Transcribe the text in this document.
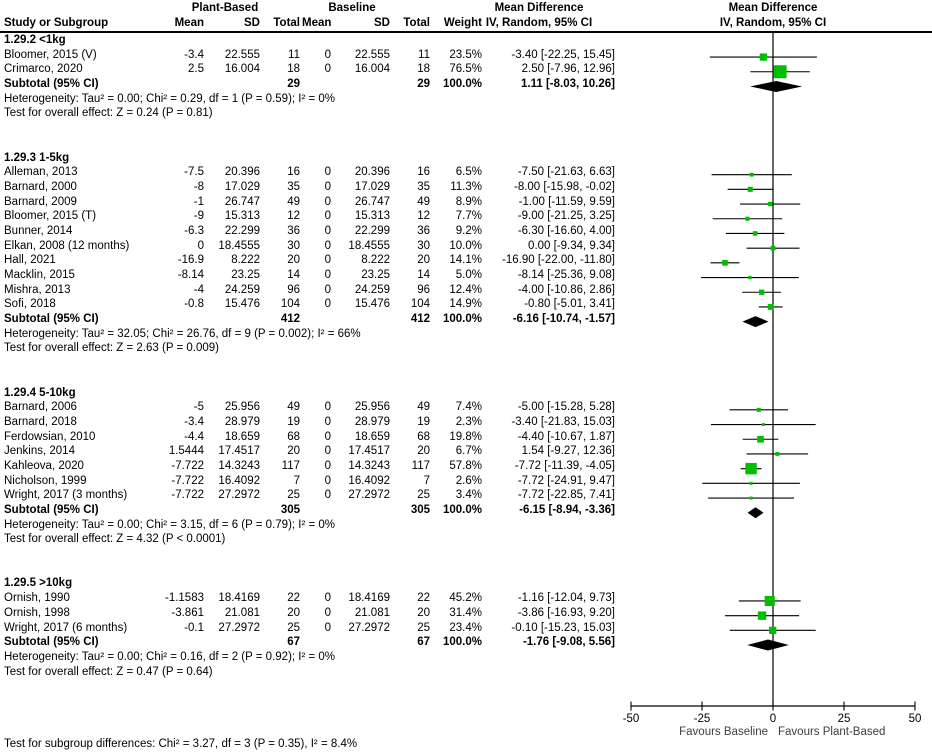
Plant-Based	Baseline	Mean Difference	Mean Difference
Study or Subgroup	Mean	SD	Total Mean	SD	Total	Weight IV, Random, 95% CI	IV, Random, 95% CI
1.29.2 <1kg
Bloomer, 2015 (V)	-3.4	22.555	11	0	22.555	11	23.5%	-3.40 [-22.25, 15.45]
Crimarco, 2020	2.5	16.004	18	0	16.004	18	76.5%	2.50 [-7.96, 12.96]
Subtotal (95% CI)	29	29	100.0%	1.11 [-8.03, 10.26]
Heterogeneity: Tau² = 0.00; Chi² = 0.29, df = 1 (P = 0.59); I² = 0%
Test for overall effect: Z = 0.24 (P = 0.81)
1.29.3 1-5kg
Alleman, 2013	-7.5	20.396	16	0	20.396	16	6.5%	-7.50 [-21.63, 6.63]
Barnard, 2000	-8	17.029	35	0	17.029	35	11.3%	-8.00 [-15.98, -0.02]
Barnard, 2009	-1	26.747	49	0	26.747	49	8.9%	-1.00 [-11.59, 9.59]
Bloomer, 2015 (T)	-9	15.313	12	0	15.313	12	7.7%	-9.00 [-21.25, 3.25]
Bunner, 2014	-6.3	22.299	36	0	22.299	36	9.2%	-6.30 [-16.60, 4.00]
Elkan, 2008 (12 months)	0	18.4555	30	0	18.4555	30	10.0%	0.00 [-9.34, 9.34]
Hall, 2021	-16.9	8.222	20	0	8.222	20	14.1%	-16.90 [-22.00, -11.80]
Macklin, 2015	-8.14	23.25	14	0	23.25	14	5.0%	-8.14 [-25.36, 9.08]
Mishra, 2013	-4	24.259	96	0	24.259	96	12.4%	-4.00 [-10.86, 2.86]
Sofi, 2018	-0.8	15.476	104	0	15.476	104	14.9%	-0.80 [-5.01, 3.41]
Subtotal (95% CI)	412	412	100.0%	-6.16 [-10.74, -1.57]
Heterogeneity: Tau² = 32.05; Chi² = 26.76, df = 9 (P = 0.002); I² = 66%
Test for overall effect: Z = 2.63 (P = 0.009)
1.29.4 5-10kg
Barnard, 2006	-5	25.956	49	0	25.956	49	7.4%	-5.00 [-15.28, 5.28]
Barnard, 2018	-3.4	28.979	19	0	28.979	19	2.3%	-3.40 [-21.83, 15.03]
Ferdowsian, 2010	-4.4	18.659	68	0	18.659	68	19.8%	-4.40 [-10.67, 1.87]
Jenkins, 2014	1.5444	17.4517	20	0	17.4517	20	6.7%	1.54 [-9.27, 12.36]
Kahleova, 2020	-7.722	14.3243	117	0	14.3243	117	57.8%	-7.72 [-11.39, -4.05]
Nicholson, 1999	-7.722	16.4092	7	0	16.4092	7	2.6%	-7.72 [-24.91, 9.47]
Wright, 2017 (3 months)	-7.722	27.2972	25	0	27.2972	25	3.4%	-7.72 [-22.85, 7.41]
Subtotal (95% CI)	305	305	100.0%	-6.15 [-8.94, -3.36]
Heterogeneity: Tau² = 0.00; Chi² = 3.15, df = 6 (P = 0.79); I² = 0%
Test for overall effect: Z = 4.32 (P < 0.0001)
1.29.5 >10kg
Ornish, 1990	-1.1583	18.4169	22	0	18.4169	22	45.2%	-1.16 [-12.04, 9.73]
Ornish, 1998	-3.861	21.081	20	0	21.081	20	31.4%	-3.86 [-16.93, 9.20]
Wright, 2017 (6 months)	-0.1	27.2972	25	0	27.2972	25	23.4%	-0.10 [-15.23, 15.03]
Subtotal (95% CI)	67	67	100.0%	-1.76 [-9.08, 5.56]
Heterogeneity: Tau² = 0.00; Chi² = 0.16, df = 2 (P = 0.92); I² = 0%
Test for overall effect: Z = 0.47 (P = 0.64)
-50	-25	0	25	50
Favours Baseline Favours Plant-Based
Test for subgroup differences: Chi² = 3.27, df = 3 (P = 0.35), I² = 8.4%
